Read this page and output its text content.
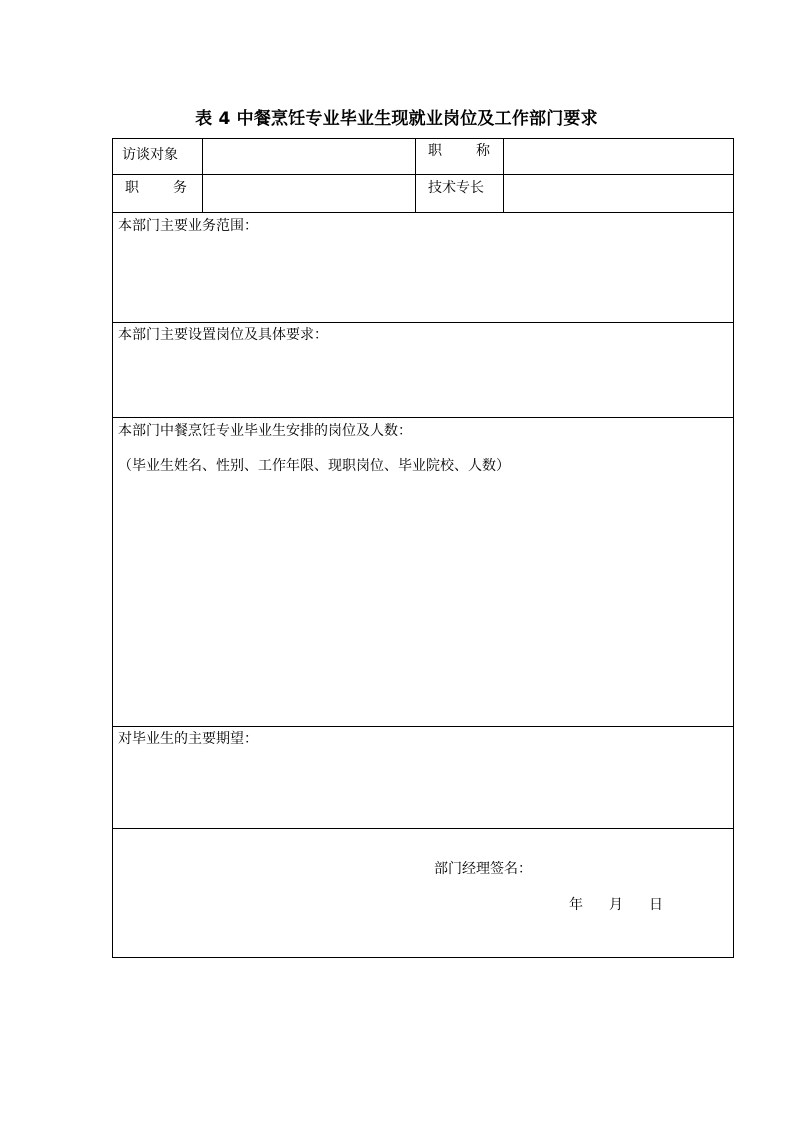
表 4 中餐烹饪专业毕业生现就业岗位及工作部门要求
访谈对象	职 称
职 务	技术专长
本部门主要业务范围：
本部门主要设置岗位及具体要求：
本部门中餐烹饪专业毕业生安排的岗位及人数：
（毕业生姓名、性别、工作年限、现职岗位、毕业院校、人数）
对毕业生的主要期望：
部门经理签名：
年 月 日
